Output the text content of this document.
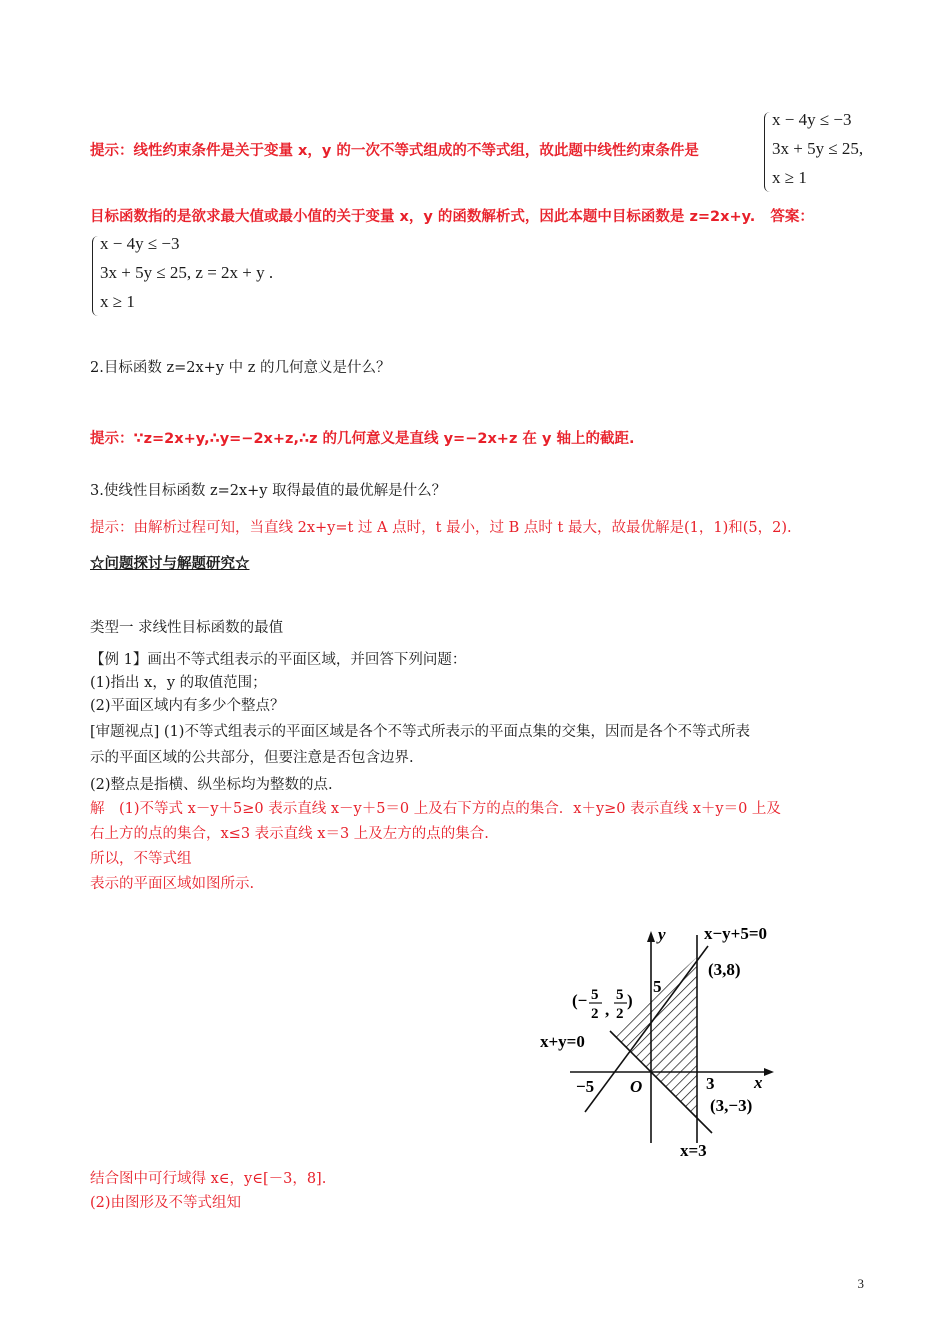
提示：线性约束条件是关于变量 x，y 的一次不等式组成的不等式组，故此题中线性约束条件是
x − 4y ≤ −3
3x + 5y ≤ 25,
x ≥ 1
目标函数指的是欲求最大值或最小值的关于变量 x，y 的函数解析式，因此本题中目标函数是 z=2x+y. 答案：
x − 4y ≤ −3
3x + 5y ≤ 25, z = 2x + y .
x ≥ 1
2.目标函数 z=2x+y 中 z 的几何意义是什么？
提示：∵z=2x+y,∴y=−2x+z,∴z 的几何意义是直线 y=−2x+z 在 y 轴上的截距.
3.使线性目标函数 z=2x+y 取得最值的最优解是什么？
提示：由解析过程可知，当直线 2x+y=t 过 A 点时，t 最小，过 B 点时 t 最大，故最优解是(1，1)和(5，2).
☆问题探讨与解题研究☆
类型一 求线性目标函数的最值
【例 1】画出不等式组表示的平面区域，并回答下列问题：
(1)指出 x，y 的取值范围；
(2)平面区域内有多少个整点？
[审题视点] (1)不等式组表示的平面区域是各个不等式所表示的平面点集的交集，因而是各个不等式所表
示的平面区域的公共部分，但要注意是否包含边界.
(2)整点是指横、纵坐标均为整数的点.
解　(1)不等式 x－y＋5≥0 表示直线 x－y＋5＝0 上及右下方的点的集合．x＋y≥0 表示直线 x＋y＝0 上及
右上方的点的集合，x≤3 表示直线 x＝3 上及左方的点的集合.
所以，不等式组
表示的平面区域如图所示.
y
x
x−y+5=0
(3,8)
5
(− 5
2 ,
5
2
)
x+y=0
−5 O	3
(3,−3)
x=3
结合图中可行域得 x∈，y∈[－3，8].
(2)由图形及不等式组知
3
